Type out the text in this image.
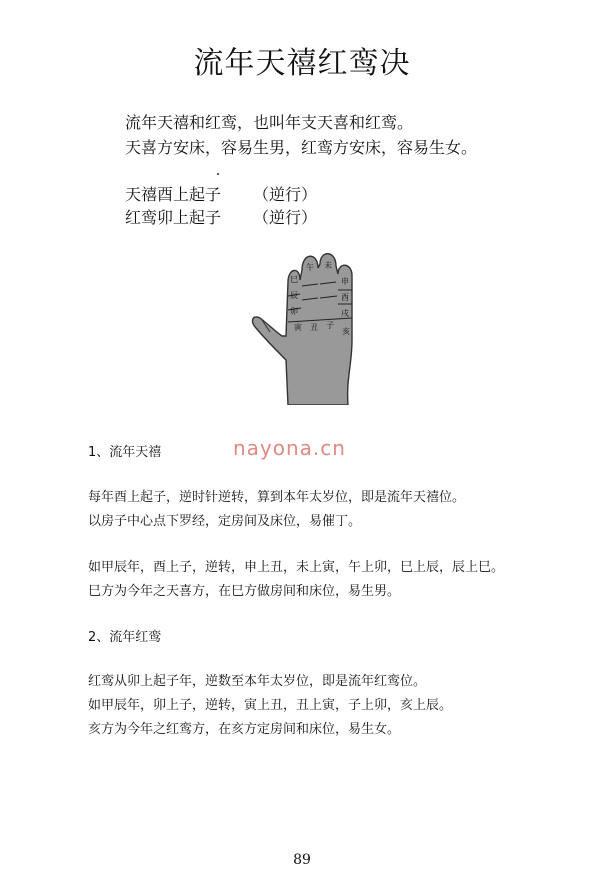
流年天禧红鸾决
流年天禧和红鸾，也叫年支天喜和红鸾。
天喜方安床，容易生男，红鸾方安床，容易生女。
天禧酉上起子 （逆行）
红鸾卯上起子 （逆行）
巳
午 未
申
辰	酉
卯	戌
寅 丑 子
亥
nayona.cn
1、流年天禧
每年酉上起子，逆时针逆转，算到本年太岁位，即是流年天禧位。
以房子中心点下罗经，定房间及床位，易催丁。
如甲辰年，酉上子，逆转，申上丑，未上寅，午上卯，巳上辰，辰上巳。
巳方为今年之天喜方，在巳方做房间和床位，易生男。
2、流年红鸾
红鸾从卯上起子年，逆数至本年太岁位，即是流年红鸾位。
如甲辰年，卯上子，逆转，寅上丑，丑上寅，子上卯，亥上辰。
亥方为今年之红鸾方，在亥方定房间和床位，易生女。
89
